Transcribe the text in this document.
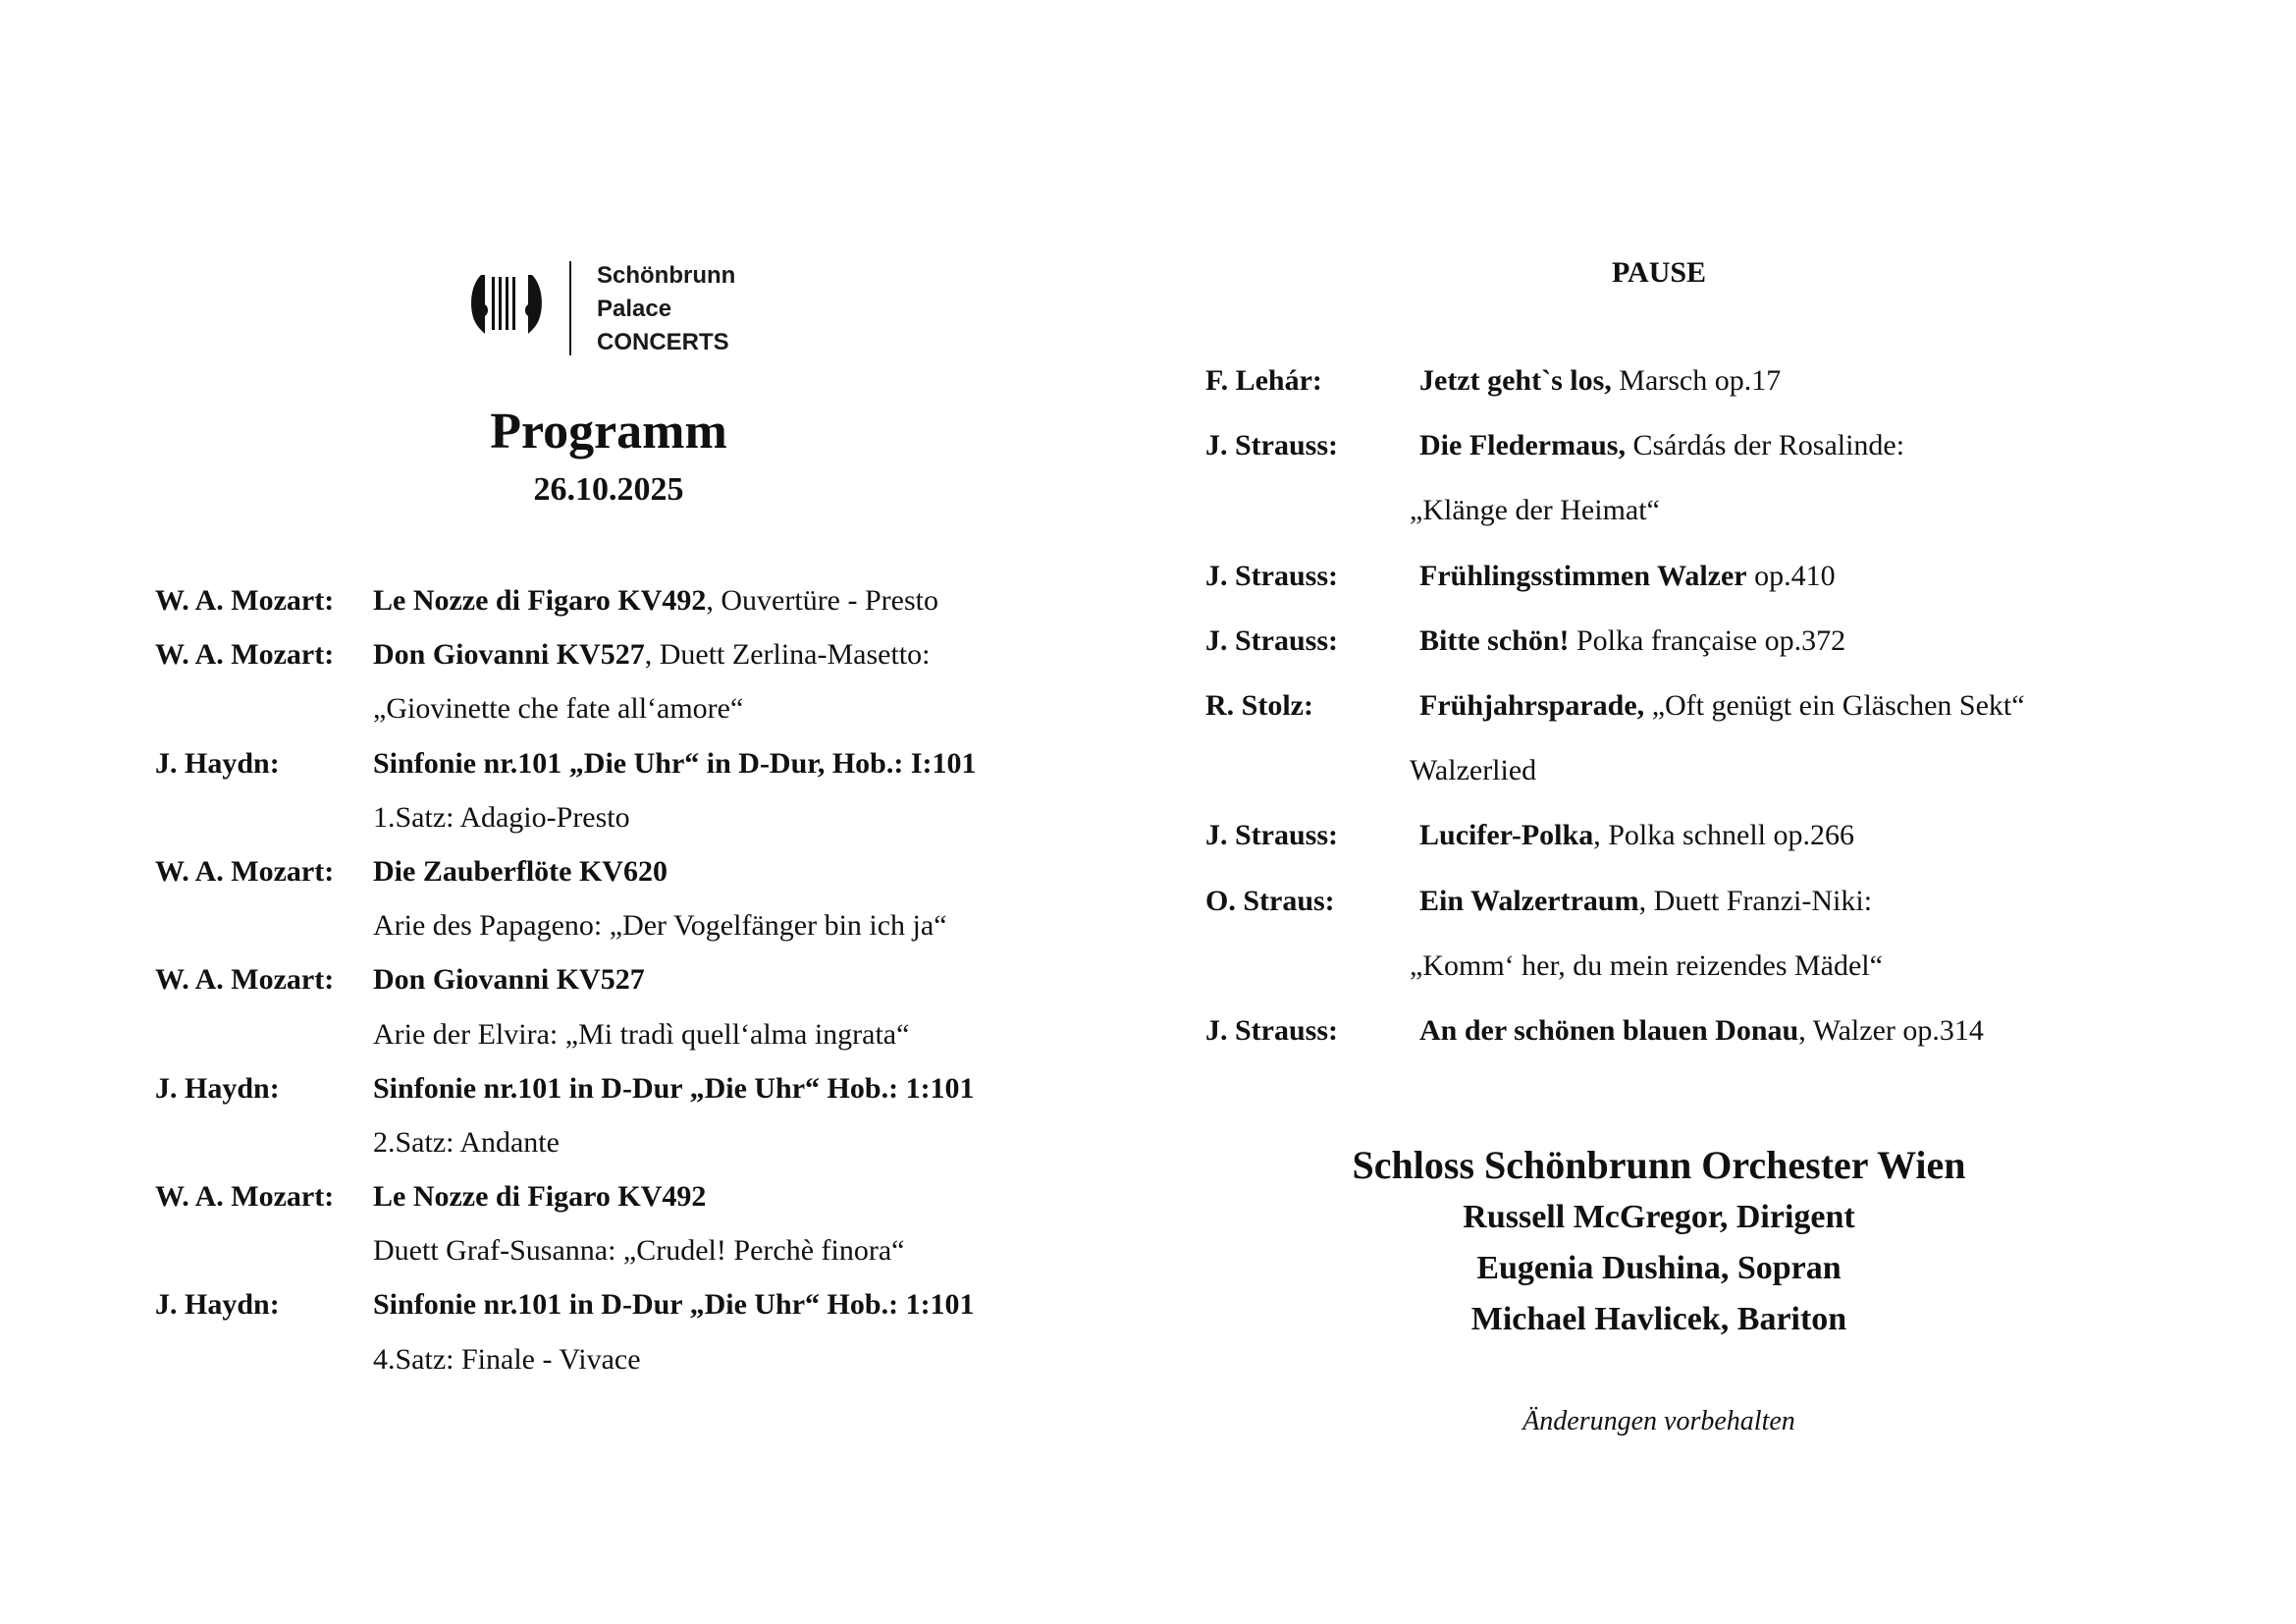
Schönbrunn
Palace
CONCERTS
Programm
26.10.2025
W. A. Mozart: Le Nozze di Figaro KV492, Ouvertüre - Presto
W. A. Mozart: Don Giovanni KV527, Duett Zerlina-Masetto:
„Giovinette che fate all‘amore“
J. Haydn:	Sinfonie nr.101 „Die Uhr“ in D-Dur, Hob.: I:101
1.Satz: Adagio-Presto
W. A. Mozart: Die Zauberflöte KV620
Arie des Papageno: „Der Vogelfänger bin ich ja“
W. A. Mozart: Don Giovanni KV527
Arie der Elvira: „Mi tradì quell‘alma ingrata“
J. Haydn:	Sinfonie nr.101 in D-Dur „Die Uhr“ Hob.: 1:101
2.Satz: Andante
W. A. Mozart: Le Nozze di Figaro KV492
Duett Graf-Susanna: „Crudel! Perchè finora“
J. Haydn:	Sinfonie nr.101 in D-Dur „Die Uhr“ Hob.: 1:101
4.Satz: Finale - Vivace
PAUSE
F. Lehár:	Jetzt geht`s los, Marsch op.17
J. Strauss:	Die Fledermaus, Csárdás der Rosalinde:
„Klänge der Heimat“
J. Strauss:	Frühlingsstimmen Walzer op.410
J. Strauss:	Bitte schön! Polka française op.372
R. Stolz:	Frühjahrsparade, „Oft genügt ein Gläschen Sekt“
Walzerlied
J. Strauss:	Lucifer-Polka, Polka schnell op.266
O. Straus:	Ein Walzertraum, Duett Franzi-Niki:
„Komm‘ her, du mein reizendes Mädel“
J. Strauss:	An der schönen blauen Donau, Walzer op.314
Schloss Schönbrunn Orchester Wien
Russell McGregor, Dirigent
Eugenia Dushina, Sopran
Michael Havlicek, Bariton
Änderungen vorbehalten
